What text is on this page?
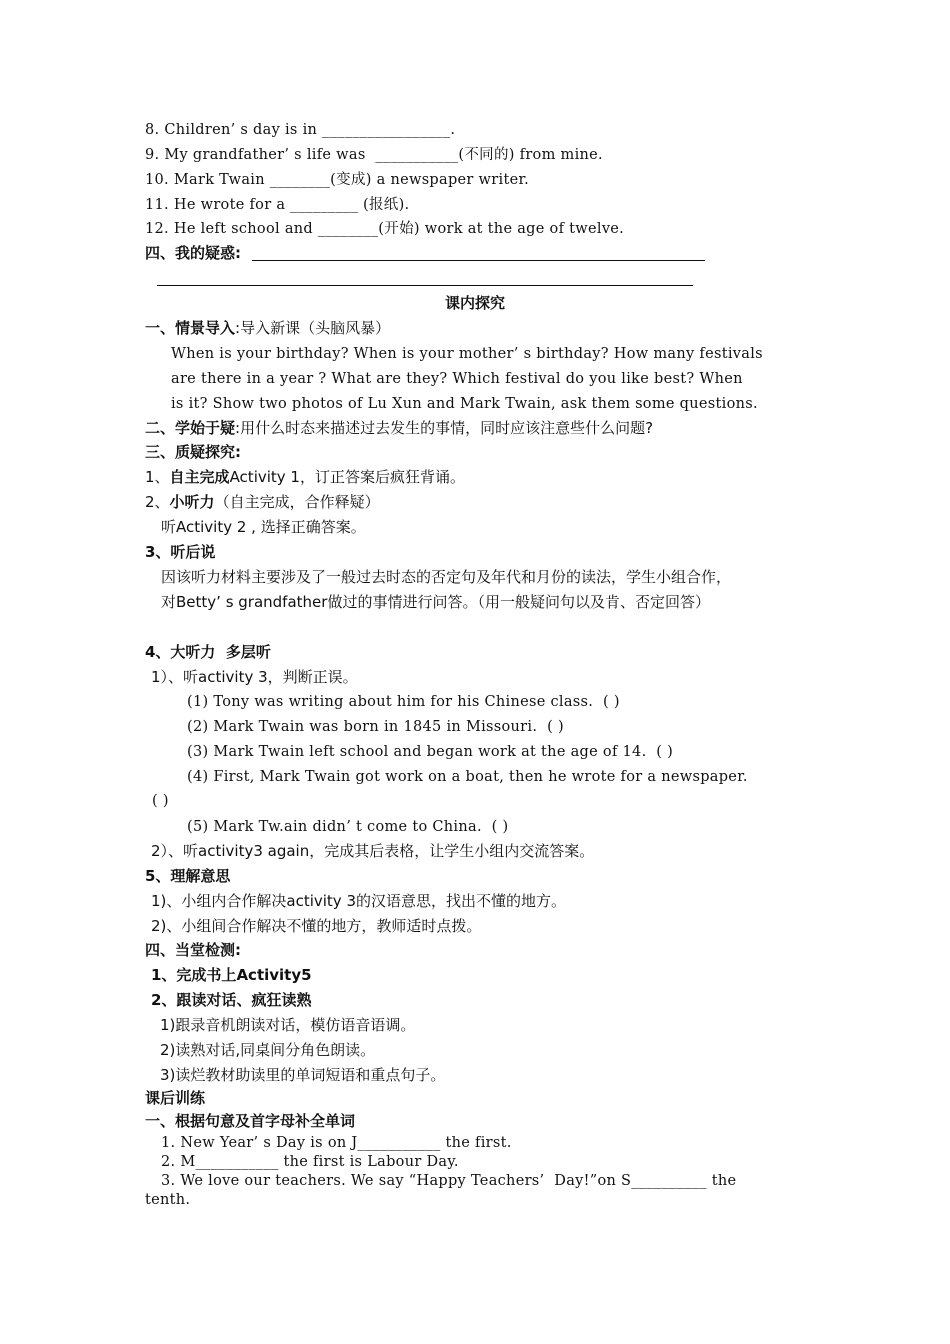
8. Children’ s day is in _________________.
9. My grandfather’ s life was  ___________(不同的) from mine.
10. Mark Twain ________(变成) a newspaper writer.
11. He wrote for a _________ (报纸).
12. He left school and ________(开始) work at the age of twelve.
四、我的疑惑:
课内探究
一、情景导入:导入新课（头脑风暴）
When is your birthday? When is your mother’ s birthday? How many festivals
are there in a year ? What are they? Which festival do you like best? When
is it? Show two photos of Lu Xun and Mark Twain, ask them some questions.
二、学始于疑:用什么时态来描述过去发生的事情，同时应该注意些什么问题?
三、质疑探究:
1、自主完成Activity 1，订正答案后疯狂背诵。
2、小听力（自主完成，合作释疑）
听Activity 2 , 选择正确答案。
3、听后说
因该听力材料主要涉及了一般过去时态的否定句及年代和月份的读法，学生小组合作，
对Betty’ s grandfather做过的事情进行问答。（用一般疑问句以及肯、否定回答）
4、大听力  多层听
1）、听activity 3，判断正误。
(1) Tony was writing about him for his Chinese class.  ( )
(2) Mark Twain was born in 1845 in Missouri.  ( )
(3) Mark Twain left school and began work at the age of 14.  ( )
(4) First, Mark Twain got work on a boat, then he wrote for a newspaper.
( )
(5) Mark Tw.ain didn’ t come to China.  ( )
2）、听activity3 again，完成其后表格，让学生小组内交流答案。
5、理解意思
1)、小组内合作解决activity 3的汉语意思，找出不懂的地方。
2)、小组间合作解决不懂的地方，教师适时点拨。
四、当堂检测:
1、完成书上Activity5
2、跟读对话、疯狂读熟
1)跟录音机朗读对话，模仿语音语调。
2)读熟对话,同桌间分角色朗读。
3)读烂教材助读里的单词短语和重点句子。
课后训练
一、根据句意及首字母补全单词
1. New Year’ s Day is on J___________ the first.
2. M___________ the first is Labour Day.
3. We love our teachers. We say “Happy Teachers’  Day!”on S__________ the
tenth.
